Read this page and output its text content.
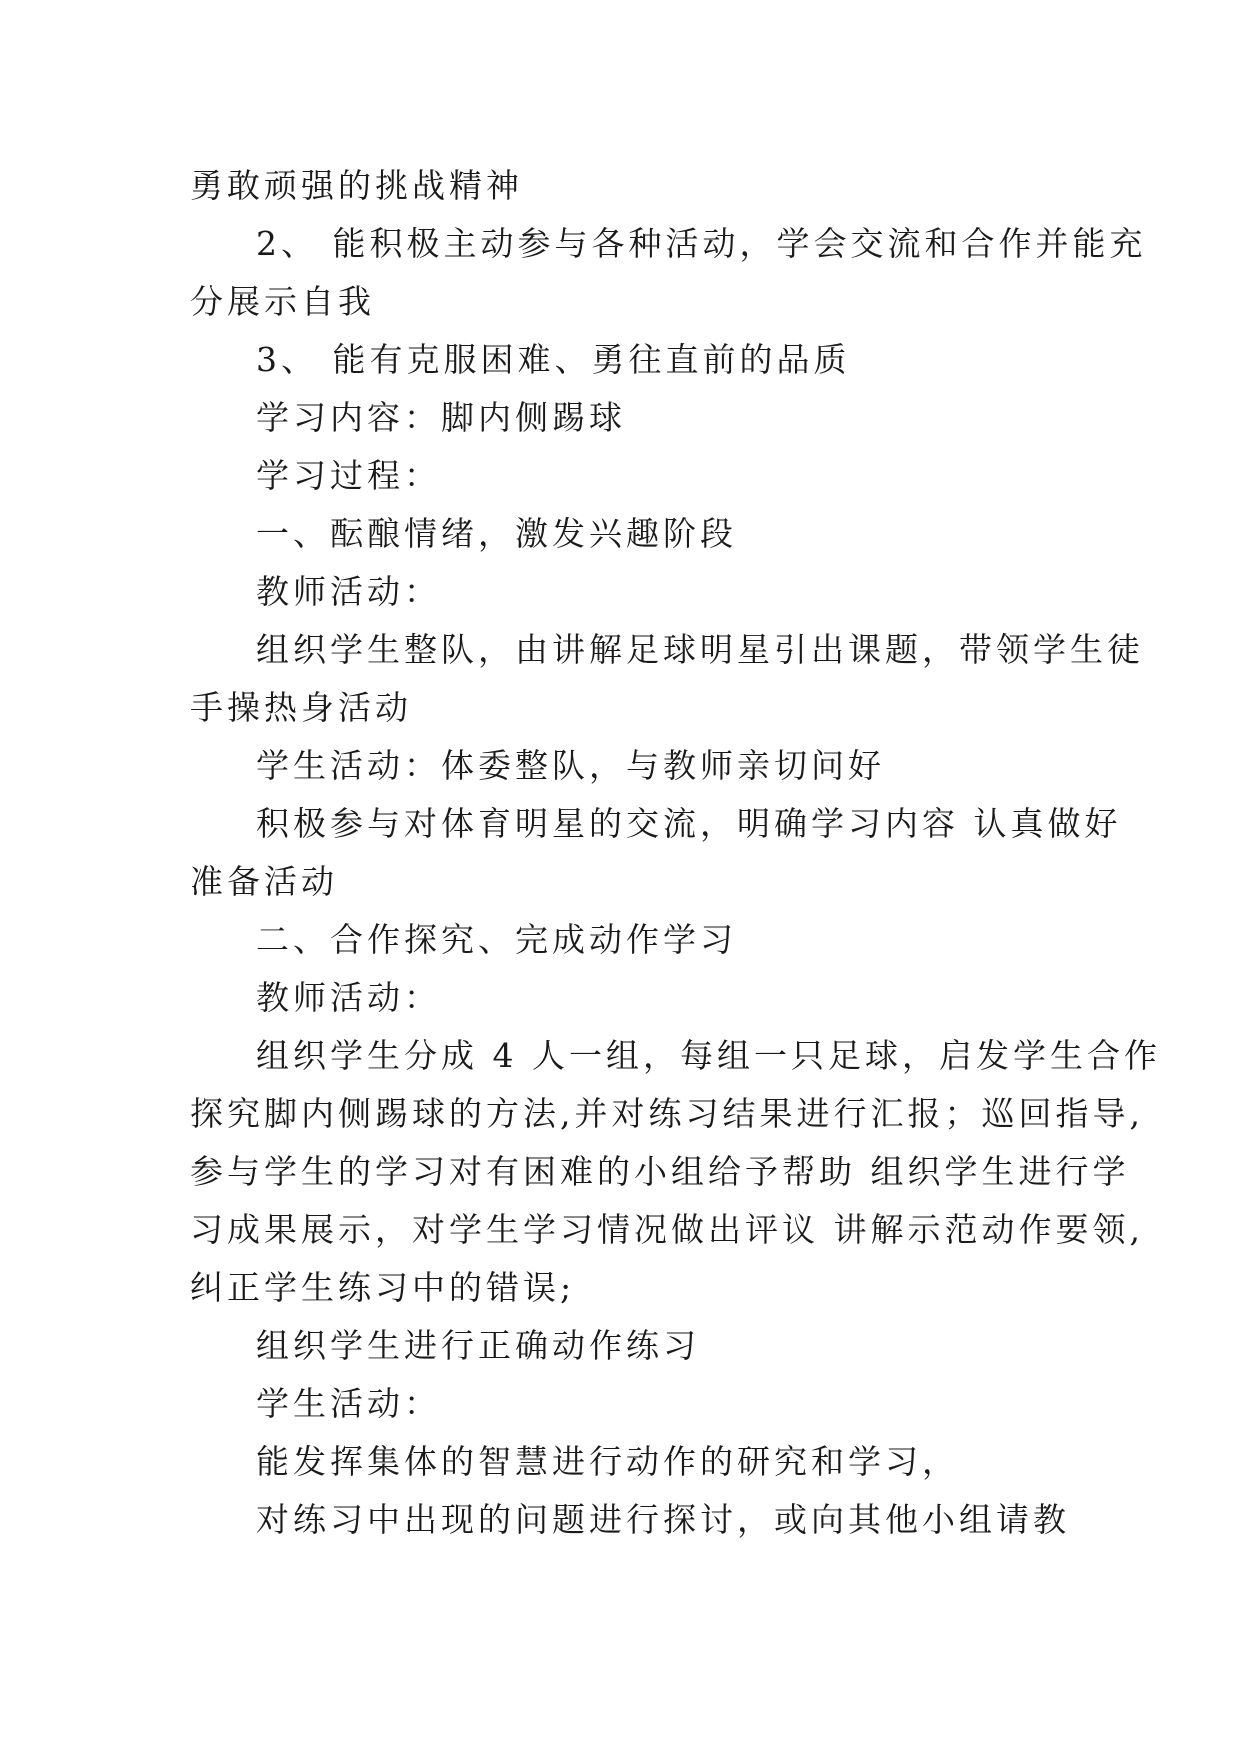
勇敢顽强的挑战精神
2、 能积极主动参与各种活动，学会交流和合作并能充
分展示自我
3、 能有克服困难、勇往直前的品质
学习内容：脚内侧踢球
学习过程：
一、酝酿情绪，激发兴趣阶段
教师活动：
组织学生整队，由讲解足球明星引出课题，带领学生徒
手操热身活动
学生活动：体委整队，与教师亲切问好
积极参与对体育明星的交流，明确学习内容 认真做好
准备活动
二、合作探究、完成动作学习
教师活动：
组织学生分成 4 人一组，每组一只足球，启发学生合作
探究脚内侧踢球的方法,并对练习结果进行汇报；巡回指导,
参与学生的学习对有困难的小组给予帮助 组织学生进行学
习成果展示，对学生学习情况做出评议 讲解示范动作要领,
纠正学生练习中的错误;
组织学生进行正确动作练习
学生活动：
能发挥集体的智慧进行动作的研究和学习，
对练习中出现的问题进行探讨，或向其他小组请教
